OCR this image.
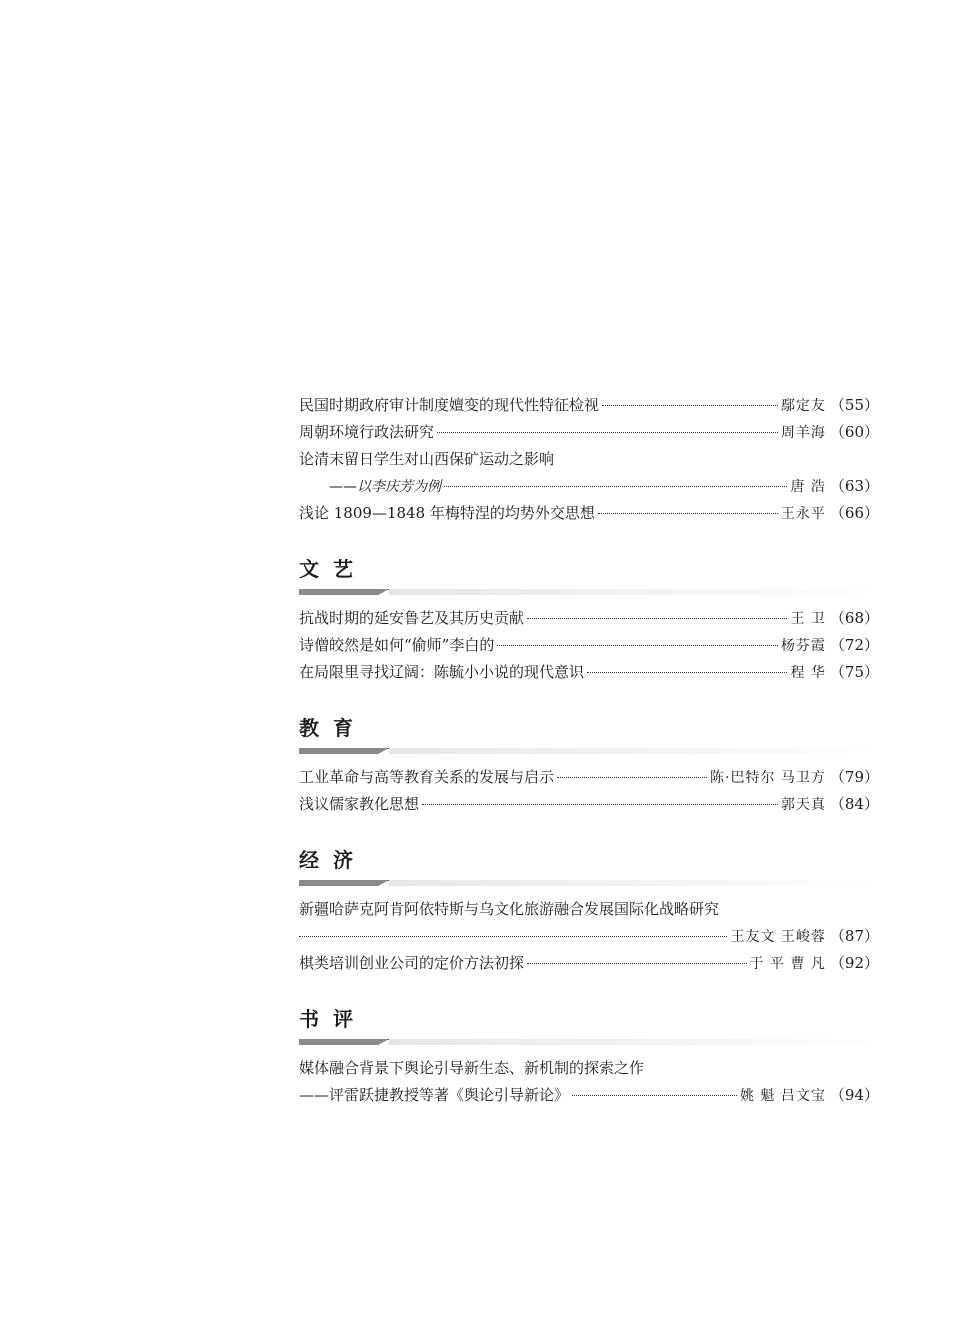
民国时期政府审计制度嬗变的现代性特征检视	鄢定友 （55）
周朝环境行政法研究	周羊海 （60）
论清末留日学生对山西保矿运动之影响
——以李庆芳为例	唐 浩 （63）
浅论 1809—1848 年梅特涅的均势外交思想	王永平 （66）
文艺
抗战时期的延安鲁艺及其历史贡献	王 卫 （68）
诗僧皎然是如何“偷师”李白的	杨芬霞 （72）
在局限里寻找辽阔：陈毓小小说的现代意识	程 华 （75）
教育
工业革命与高等教育关系的发展与启示	陈·巴特尔 马卫方 （79）
浅议儒家教化思想	郭天真 （84）
经济
新疆哈萨克阿肯阿依特斯与乌文化旅游融合发展国际化战略研究
王友文 王峻蓉 （87）
棋类培训创业公司的定价方法初探	于 平 曹 凡 （92）
书评
媒体融合背景下舆论引导新生态、新机制的探索之作
——评雷跃捷教授等著《舆论引导新论》	姚 魁 吕文宝 （94）
